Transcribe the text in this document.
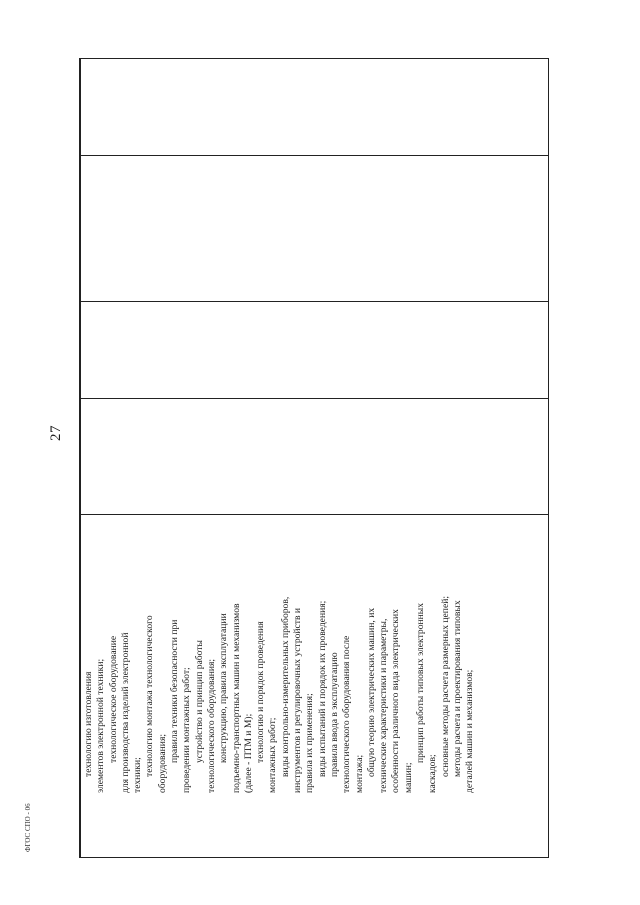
27
ФГОС СПО - 06
технологию изготовления элементов электронной техники; технологическое оборудование для производства изделий электронной техники; технологию монтажа технологического оборудования;
правила техники безопасности при проведении монтажных работ; устройство и принцип работы технологического оборудования; конструкцию, правила эксплуатации подъемно-транспортных машин и механизмов (далее - ПТМ и М); технологию и порядок проведения монтажных работ; виды контрольно-измерительных приборов, инструментов и регулировочных устройств и правила их применения; виды испытаний и порядок их проведения; правила ввода в эксплуатацию технологического оборудования после монтажа; общую теорию электрических машин, их технические характеристики и параметры, особенности различного вида электрических машин;
принцип работы типовых электронных
каскадов; основные методы расчета размерных цепей; методы расчета и проектирования типовых деталей машин и механизмов;
